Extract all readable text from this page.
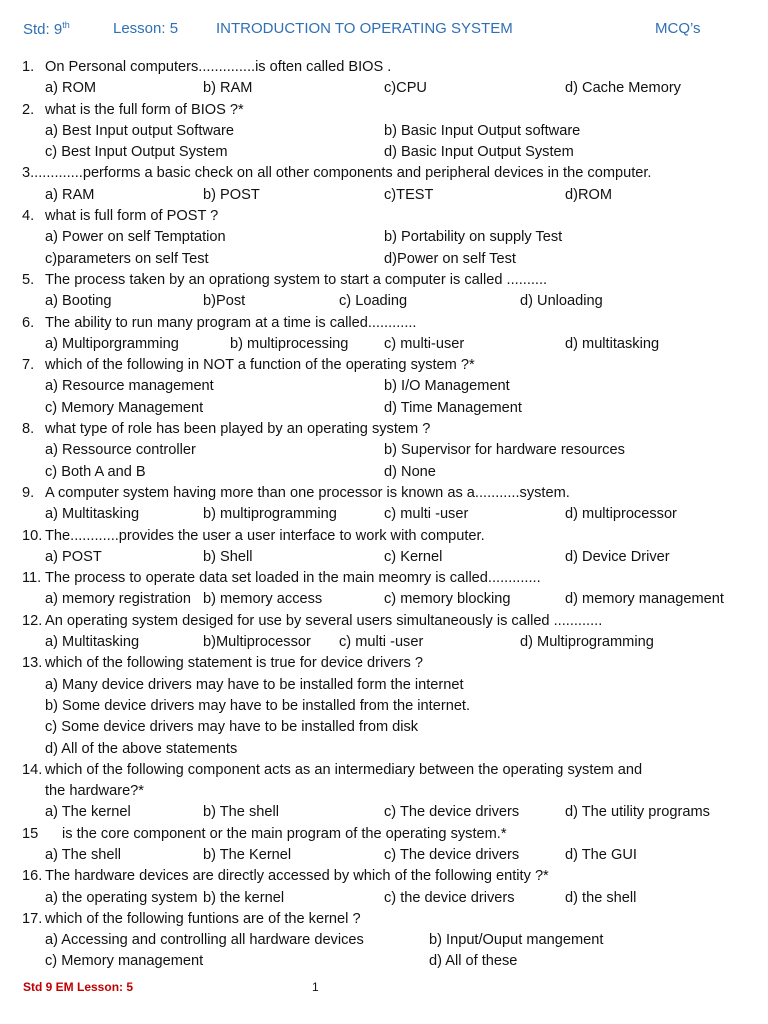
Std: 9th	Lesson: 5	INTRODUCTION TO OPERATING SYSTEM	MCQ’s
1. On Personal computers..............is often called BIOS .
a) ROM	b) RAM	c)CPU	d) Cache Memory
2. what is the full form of BIOS ?*
a) Best Input output Software	b) Basic Input Output software
c) Best Input Output System	d) Basic Input Output System
3.............performs a basic check on all other components and peripheral devices in the computer.
a) RAM	b) POST	c)TEST	d)ROM
4. what is full form of POST ?
a) Power on self Temptation	b) Portability on supply Test
c)parameters on self Test	d)Power on self Test
5. The process taken by an oprationg system to start a computer is called ..........
a) Booting	b)Post	c) Loading	d) Unloading
6. The ability to run many program at a time is called............
a) Multiporgramming	b) multiprocessing c) multi-user	d) multitasking
7. which of the following in NOT a function of the operating system ?*
a) Resource management	b) I/O Management
c) Memory Management	d) Time Management
8. what type of role has been played by an operating system ?
a) Ressource controller	b) Supervisor for hardware resources
c) Both A and B	d) None
9. A computer system having more than one processor is known as a...........system.
a) Multitasking	b) multiprogramming	c) multi -user	d) multiprocessor
10. The............provides the user a user interface to work with computer.
a) POST	b) Shell	c) Kernel	d) Device Driver
11. The process to operate data set loaded in the main meomry is called.............
a) memory registration b) memory access	c) memory blocking	d) memory management
12. An operating system desiged for use by several users simultaneously is called ............
a) Multitasking	b)Multiprocessor c) multi -user	d) Multiprogramming
13. which of the following statement is true for device drivers ?
a) Many device drivers may have to be installed form the internet
b) Some device drivers may have to be installed from the internet.
c) Some device drivers may have to be installed from disk
d) All of the above statements
14. which of the following component acts as an intermediary between the operating system and
the hardware?*
a) The kernel	b) The shell	c) The device drivers	d) The utility programs
15 is the core component or the main program of the operating system.*
a) The shell	b) The Kernel	c) The device drivers	d) The GUI
16. The hardware devices are directly accessed by which of the following entity ?*
a) the operating system b) the kernel	c) the device drivers	d) the shell
17. which of the following funtions are of the kernel ?
a) Accessing and controlling all hardware devices	b) Input/Ouput mangement
c) Memory management	d) All of these
Std 9 EM Lesson: 5	1
